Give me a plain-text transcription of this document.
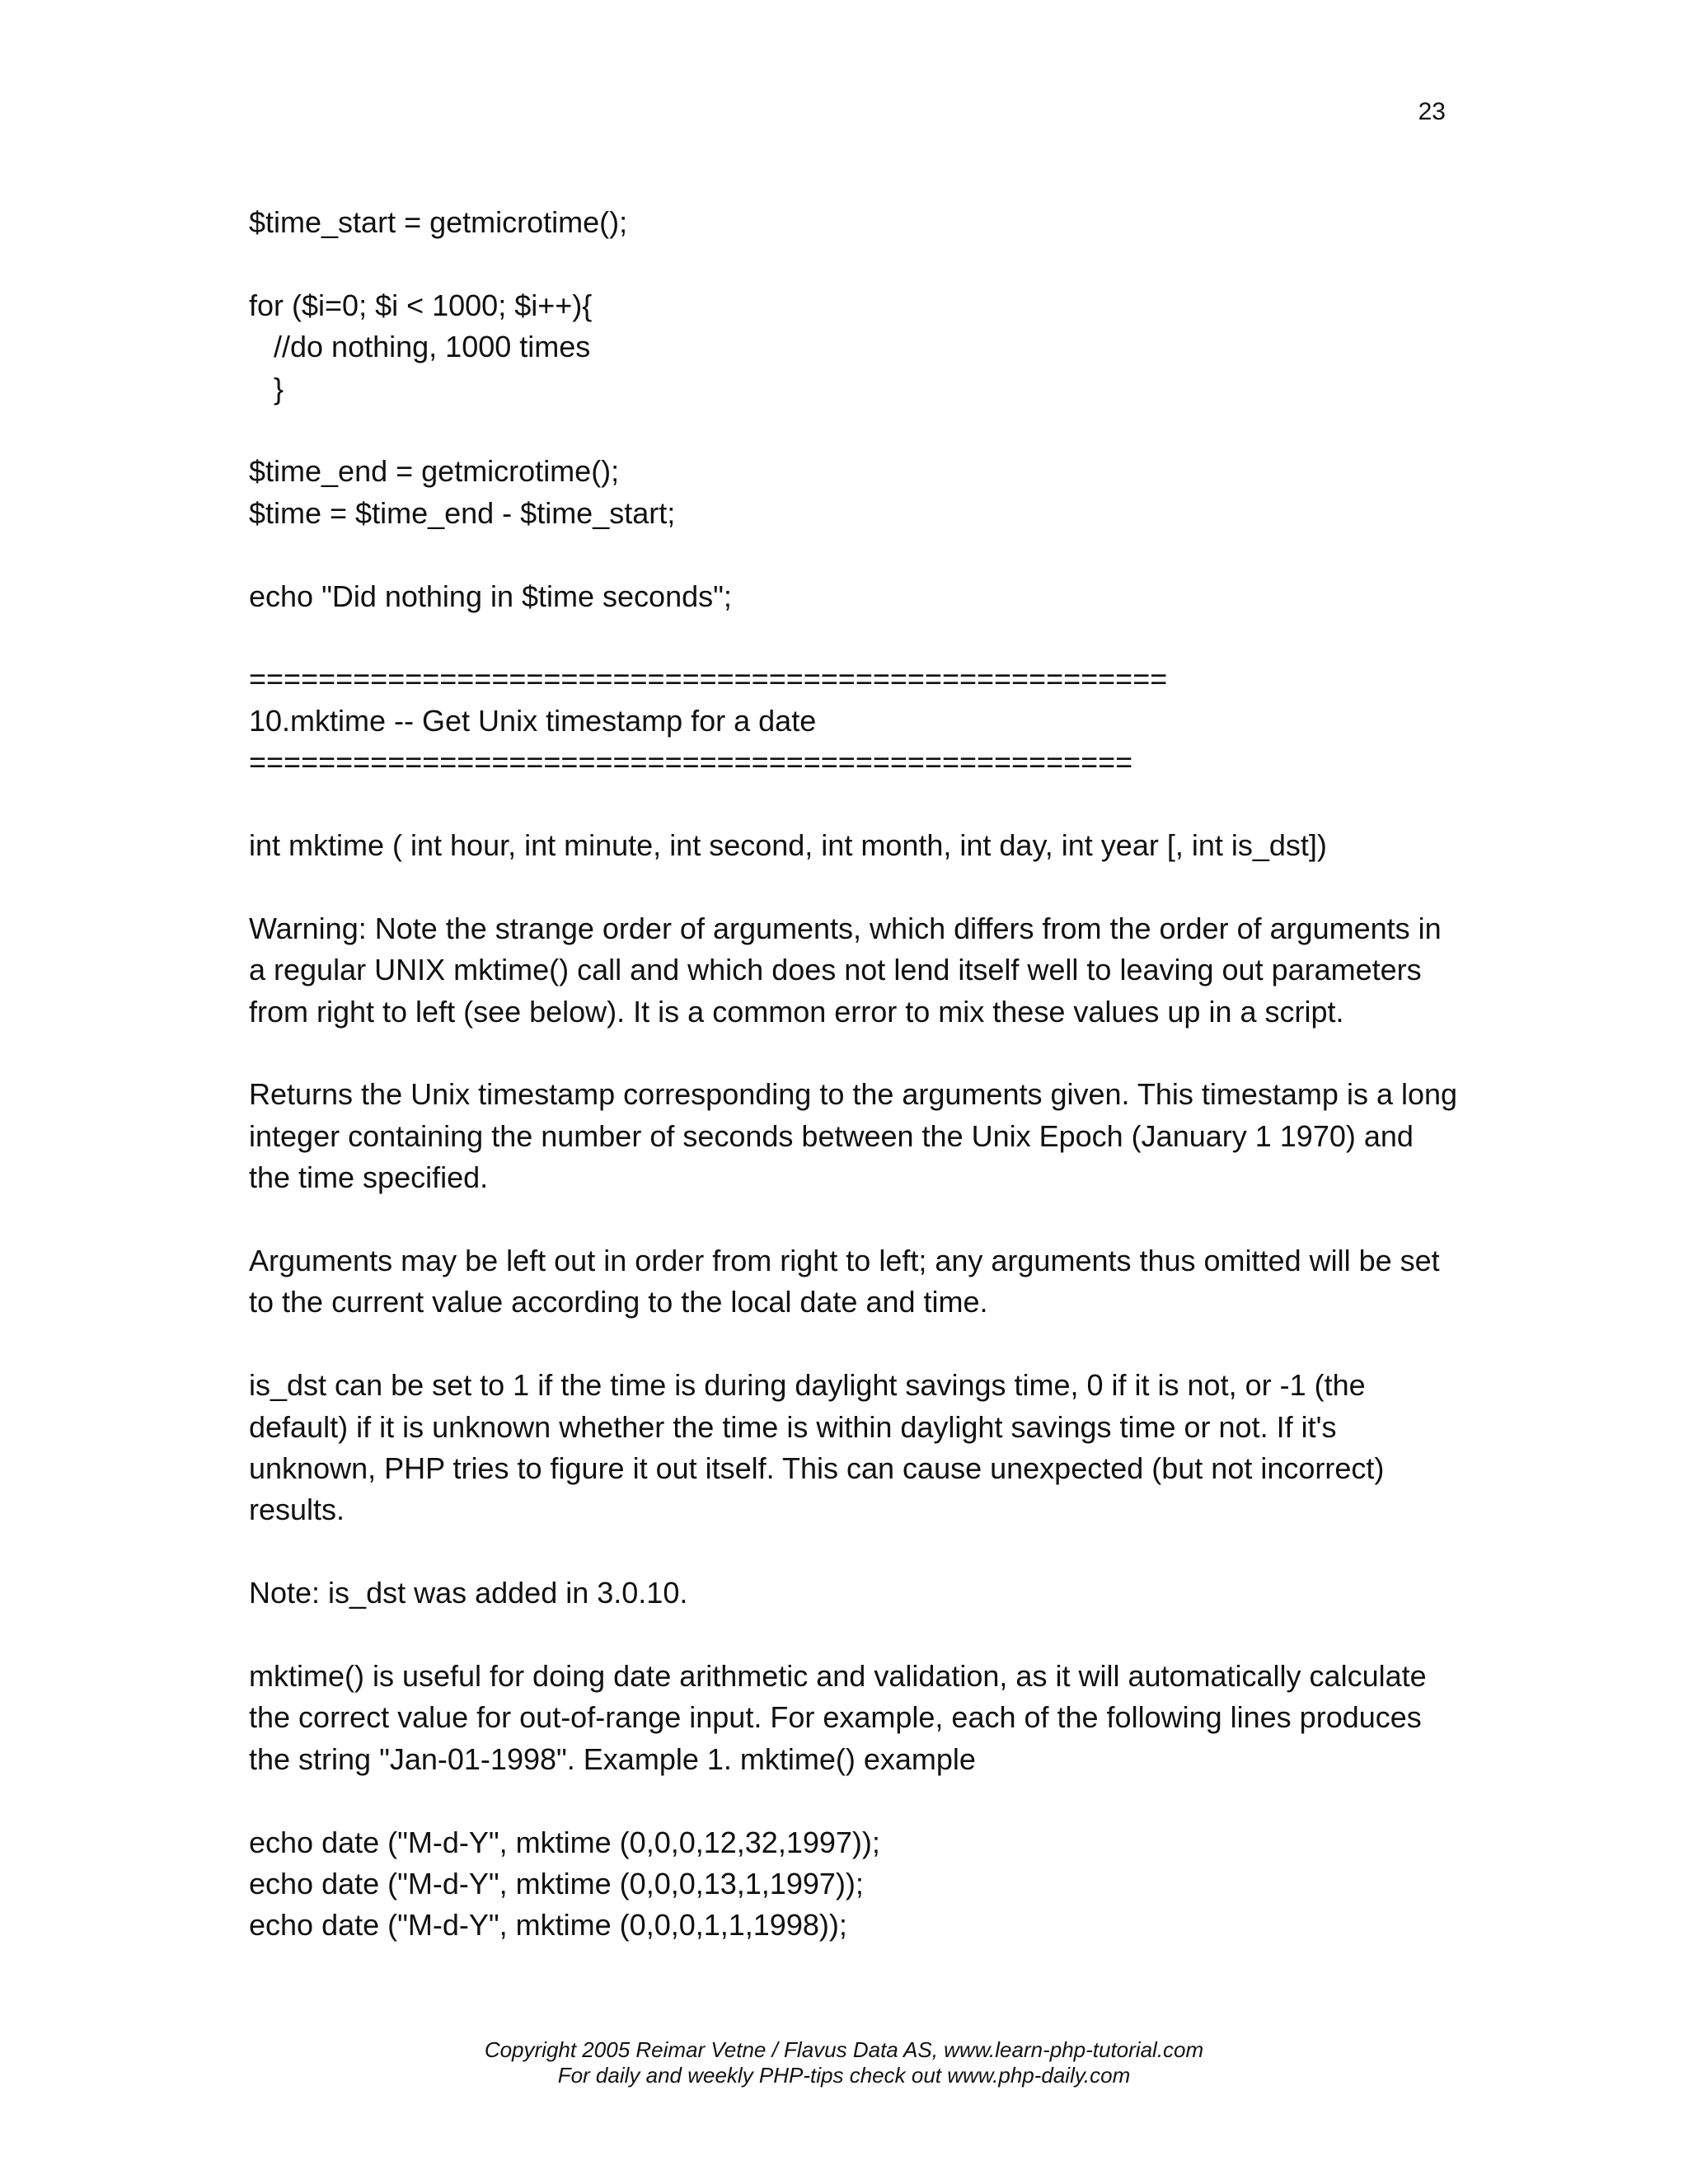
23
$time_start = getmicrotime();
for ($i=0; $i < 1000; $i++){
//do nothing, 1000 times
}
$time_end = getmicrotime();
$time = $time_end - $time_start;
echo "Did nothing in $time seconds";
=====================================================
10.mktime -- Get Unix timestamp for a date
===================================================
int mktime ( int hour, int minute, int second, int month, int day, int year [, int is_dst])

Warning: Note the strange order of arguments, which differs from the order of arguments in a regular UNIX mktime() call and which does not lend itself well to leaving out parameters from right to left (see below). It is a common error to mix these values up in a script.

Returns the Unix timestamp corresponding to the arguments given. This timestamp is a long integer containing the number of seconds between the Unix Epoch (January 1 1970) and the time specified.

Arguments may be left out in order from right to left; any arguments thus omitted will be set to the current value according to the local date and time.

is_dst can be set to 1 if the time is during daylight savings time, 0 if it is not, or -1 (the default) if it is unknown whether the time is within daylight savings time or not. If it's unknown, PHP tries to figure it out itself. This can cause unexpected (but not incorrect) results.

Note: is_dst was added in 3.0.10.

mktime() is useful for doing date arithmetic and validation, as it will automatically calculate the correct value for out-of-range input. For example, each of the following lines produces the string "Jan-01-1998". Example 1. mktime() example

echo date ("M-d-Y", mktime (0,0,0,12,32,1997));
echo date ("M-d-Y", mktime (0,0,0,13,1,1997));
echo date ("M-d-Y", mktime (0,0,0,1,1,1998));
Copyright 2005 Reimar Vetne / Flavus Data AS, www.learn-php-tutorial.com
For daily and weekly PHP-tips check out www.php-daily.com
